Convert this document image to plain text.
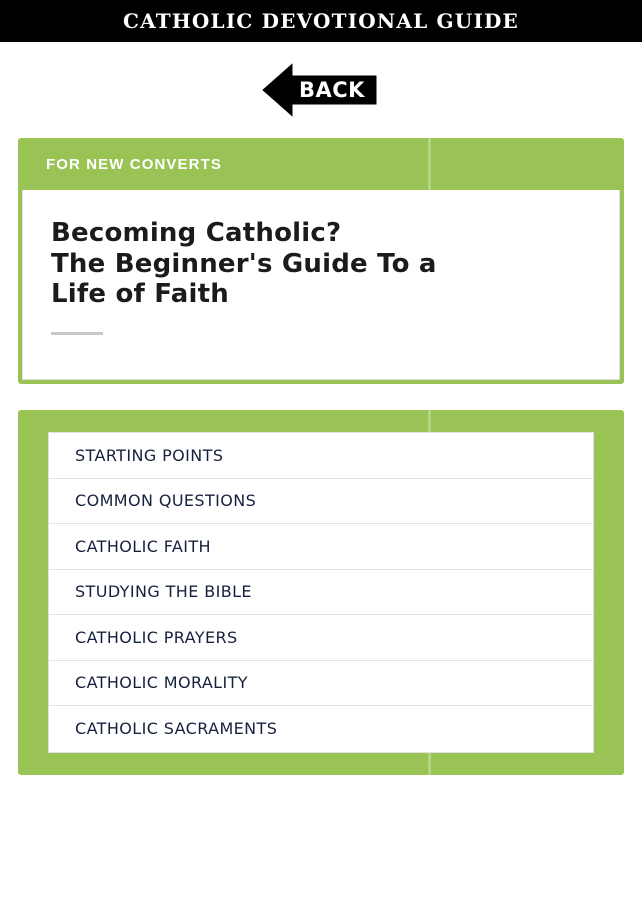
CATHOLIC DEVOTIONAL GUIDE
BACK
FOR NEW CONVERTS
Becoming Catholic?
The Beginner's Guide To a
Life of Faith
STARTING POINTS
COMMON QUESTIONS
CATHOLIC FAITH
STUDYING THE BIBLE
CATHOLIC PRAYERS
CATHOLIC MORALITY
CATHOLIC SACRAMENTS
